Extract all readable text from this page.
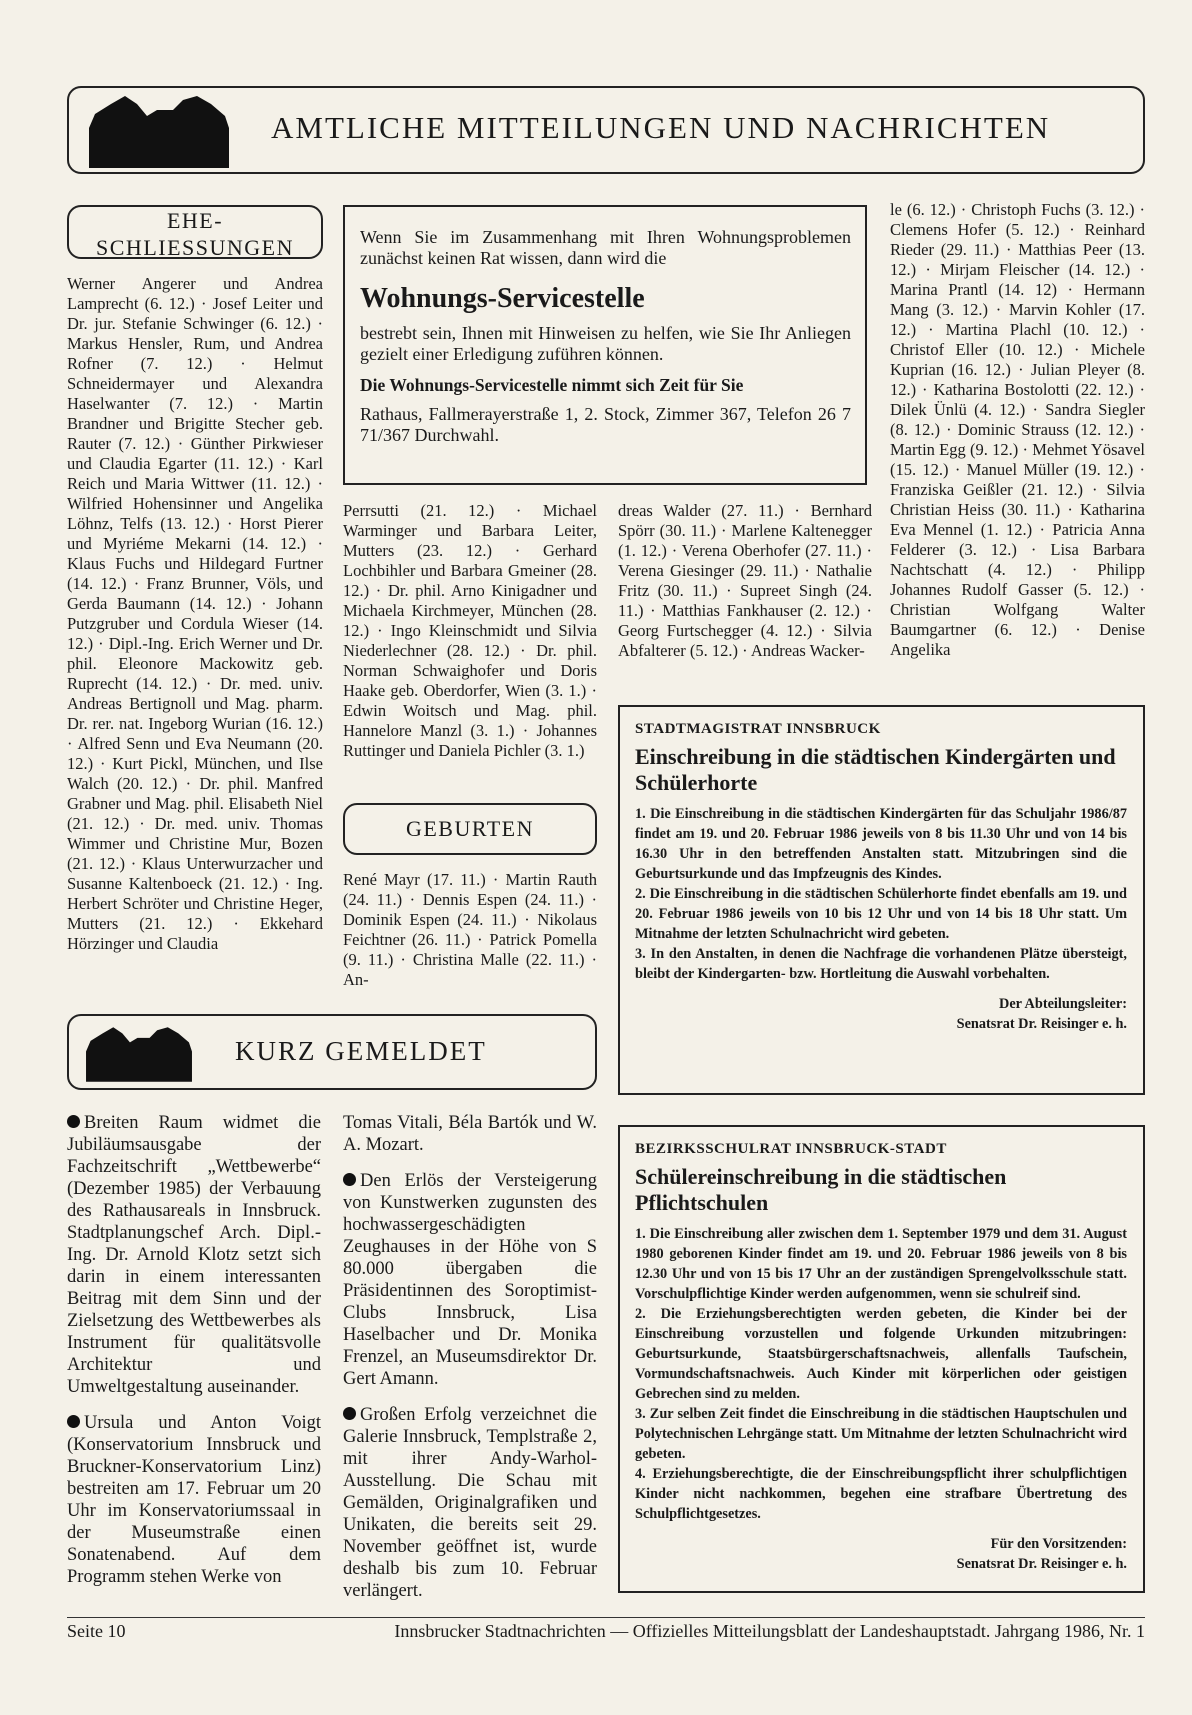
AMTLICHE MITTEILUNGEN UND NACHRICHTEN
EHE-
SCHLIESSUNGEN

Werner Angerer und Andrea Lamprecht (6. 12.) · Josef Leiter und Dr. jur. Stefanie Schwinger (6. 12.) · Markus Hensler, Rum, und Andrea Rofner (7. 12.) · Helmut Schneidermayer und Alexandra Haselwanter (7. 12.) · Martin Brandner und Brigitte Stecher geb. Rauter (7. 12.) · Günther Pirkwieser und Claudia Egarter (11. 12.) · Karl Reich und Maria Wittwer (11. 12.) · Wilfried Hohensinner und Angelika Löhnz, Telfs (13. 12.) · Horst Pierer und Myriéme Mekarni (14. 12.) · Klaus Fuchs und Hildegard Furtner (14. 12.) · Franz Brunner, Völs, und Gerda Baumann (14. 12.) · Johann Putzgruber und Cordula Wieser (14. 12.) · Dipl.-Ing. Erich Werner und Dr. phil. Eleonore Mackowitz geb. Ruprecht (14. 12.) · Dr. med. univ. Andreas Bertignoll und Mag. pharm. Dr. rer. nat. Ingeborg Wurian (16. 12.) · Alfred Senn und Eva Neumann (20. 12.) · Kurt Pickl, München, und Ilse Walch (20. 12.) · Dr. phil. Manfred Grabner und Mag. phil. Elisabeth Niel (21. 12.) · Dr. med. univ. Thomas Wimmer und Christine Mur, Bozen (21. 12.) · Klaus Unterwurzacher und Susanne Kaltenboeck (21. 12.) · Ing. Herbert Schröter und Christine Heger, Mutters (21. 12.) · Ekkehard Hörzinger und Claudia

Wenn Sie im Zusammenhang mit Ihren Wohnungsproblemen zunächst keinen Rat wissen, dann wird die
Wohnungs-Servicestelle
bestrebt sein, Ihnen mit Hinweisen zu helfen, wie Sie Ihr Anliegen gezielt einer Erledigung zuführen können.
Die Wohnungs-Servicestelle nimmt sich Zeit für Sie
Rathaus, Fallmerayerstraße 1, 2. Stock, Zimmer 367, Telefon 26 7 71/367 Durchwahl.

Perrsutti (21. 12.) · Michael Warminger und Barbara Leiter, Mutters (23. 12.) · Gerhard Lochbihler und Barbara Gmeiner (28. 12.) · Dr. phil. Arno Kinigadner und Michaela Kirchmeyer, München (28. 12.) · Ingo Kleinschmidt und Silvia Niederlechner (28. 12.) · Dr. phil. Norman Schwaighofer und Doris Haake geb. Oberdorfer, Wien (3. 1.) · Edwin Woitsch und Mag. phil. Hannelore Manzl (3. 1.) · Johannes Ruttinger und Daniela Pichler (3. 1.)

GEBURTEN

René Mayr (17. 11.) · Martin Rauth (24. 11.) · Dennis Espen (24. 11.) · Dominik Espen (24. 11.) · Nikolaus Feichtner (26. 11.) · Patrick Pomella (9. 11.) · Christina Malle (22. 11.) · An-

dreas Walder (27. 11.) · Bernhard Spörr (30. 11.) · Marlene Kaltenegger (1. 12.) · Verena Oberhofer (27. 11.) · Verena Giesinger (29. 11.) · Nathalie Fritz (30. 11.) · Supreet Singh (24. 11.) · Matthias Fankhauser (2. 12.) · Georg Furtschegger (4. 12.) · Silvia Abfalterer (5. 12.) · Andreas Wacker-

le (6. 12.) · Christoph Fuchs (3. 12.) · Clemens Hofer (5. 12.) · Reinhard Rieder (29. 11.) · Matthias Peer (13. 12.) · Mirjam Fleischer (14. 12.) · Marina Prantl (14. 12) · Hermann Mang (3. 12.) · Marvin Kohler (17. 12.) · Martina Plachl (10. 12.) · Christof Eller (10. 12.) · Michele Kuprian (16. 12.) · Julian Pleyer (8. 12.) · Katharina Bostolotti (22. 12.) · Dilek Ünlü (4. 12.) · Sandra Siegler (8. 12.) · Dominic Strauss (12. 12.) · Martin Egg (9. 12.) · Mehmet Yösavel (15. 12.) · Manuel Müller (19. 12.) · Franziska Geißler (21. 12.) · Silvia Christian Heiss (30. 11.) · Katharina Eva Mennel (1. 12.) · Patricia Anna Felderer (3. 12.) · Lisa Barbara Nachtschatt (4. 12.) · Philipp Johannes Rudolf Gasser (5. 12.) · Christian Wolfgang Walter Baumgartner (6. 12.) · Denise Angelika

STADTMAGISTRAT INNSBRUCK

Einschreibung in die städtischen Kindergärten und Schülerhorte

1. Die Einschreibung in die städtischen Kindergärten für das Schuljahr 1986/87 findet am 19. und 20. Februar 1986 jeweils von 8 bis 11.30 Uhr und von 14 bis 16.30 Uhr in den betreffenden Anstalten statt. Mitzubringen sind die Geburtsurkunde und das Impfzeugnis des Kindes.

2. Die Einschreibung in die städtischen Schülerhorte findet ebenfalls am 19. und 20. Februar 1986 jeweils von 10 bis 12 Uhr und von 14 bis 18 Uhr statt. Um Mitnahme der letzten Schulnachricht wird gebeten.

3. In den Anstalten, in denen die Nachfrage die vorhandenen Plätze übersteigt, bleibt der Kindergarten- bzw. Hortleitung die Auswahl vorbehalten.

Der Abteilungsleiter:

Senatsrat Dr. Reisinger e. h.

KURZ GEMELDET

Breiten Raum widmet die Jubiläumsausgabe der Fachzeitschrift „Wettbewerbe“ (Dezember 1985) der Verbauung des Rathausareals in Innsbruck. Stadtplanungschef Arch. Dipl.-Ing. Dr. Arnold Klotz setzt sich darin in einem interessanten Beitrag mit dem Sinn und der Zielsetzung des Wettbewerbes als Instrument für qualitätsvolle Architektur und Umweltgestaltung auseinander.

Ursula und Anton Voigt (Konservatorium Innsbruck und Bruckner-Konservatorium Linz) bestreiten am 17. Februar um 20 Uhr im Konservatoriumssaal in der Museumstraße einen Sonatenabend. Auf dem Programm stehen Werke von

Tomas Vitali, Béla Bartók und W. A. Mozart.

Den Erlös der Versteigerung von Kunstwerken zugunsten des hochwassergeschädigten Zeughauses in der Höhe von S 80.000 übergaben die Präsidentinnen des Soroptimist-Clubs Innsbruck, Lisa Haselbacher und Dr. Monika Frenzel, an Museumsdirektor Dr. Gert Amann.

Großen Erfolg verzeichnet die Galerie Innsbruck, Templstraße 2, mit ihrer Andy-Warhol-Ausstellung. Die Schau mit Gemälden, Originalgrafiken und Unikaten, die bereits seit 29. November geöffnet ist, wurde deshalb bis zum 10. Februar verlängert.

BEZIRKSSCHULRAT INNSBRUCK-STADT

Schülereinschreibung in die städtischen Pflichtschulen

1. Die Einschreibung aller zwischen dem 1. September 1979 und dem 31. August 1980 geborenen Kinder findet am 19. und 20. Februar 1986 jeweils von 8 bis 12.30 Uhr und von 15 bis 17 Uhr an der zuständigen Sprengelvolksschule statt. Vorschulpflichtige Kinder werden aufgenommen, wenn sie schulreif sind.

2. Die Erziehungsberechtigten werden gebeten, die Kinder bei der Einschreibung vorzustellen und folgende Urkunden mitzubringen: Geburtsurkunde, Staatsbürgerschaftsnachweis, allenfalls Taufschein, Vormundschaftsnachweis. Auch Kinder mit körperlichen oder geistigen Gebrechen sind zu melden.

3. Zur selben Zeit findet die Einschreibung in die städtischen Hauptschulen und Polytechnischen Lehrgänge statt. Um Mitnahme der letzten Schulnachricht wird gebeten.

4. Erziehungsberechtigte, die der Einschreibungspflicht ihrer schulpflichtigen Kinder nicht nachkommen, begehen eine strafbare Übertretung des Schulpflichtgesetzes.

Für den Vorsitzenden:

Senatsrat Dr. Reisinger e. h.

Seite 10	Innsbrucker Stadtnachrichten — Offizielles Mitteilungsblatt der Landeshauptstadt. Jahrgang 1986, Nr. 1
